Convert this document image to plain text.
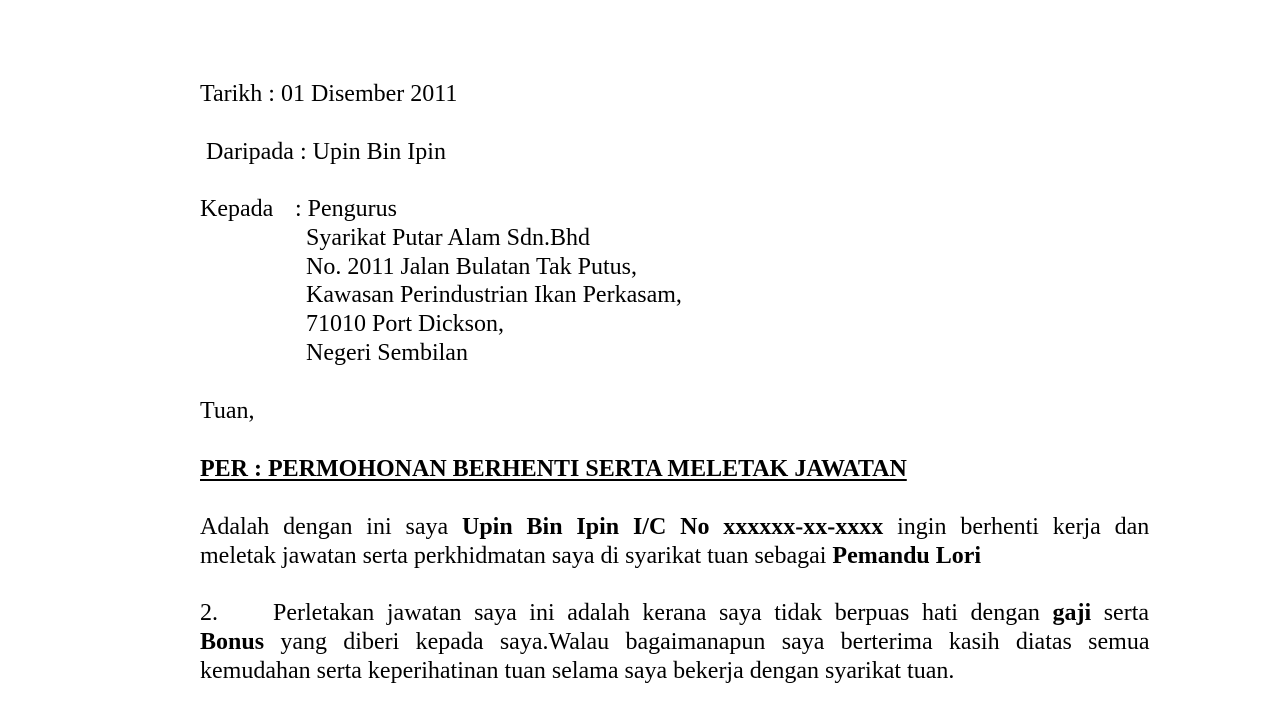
Tarikh : 01 Disember 2011
Daripada : Upin Bin Ipin
Kepada : Pengurus
Syarikat Putar Alam Sdn.Bhd
No. 2011 Jalan Bulatan Tak Putus,
Kawasan Perindustrian Ikan Perkasam,
71010 Port Dickson,
Negeri Sembilan
Tuan,
PER : PERMOHONAN BERHENTI SERTA MELETAK JAWATAN
Adalah dengan ini saya Upin Bin Ipin I/C No xxxxxx-xx-xxxx ingin berhenti kerja dan
meletak jawatan serta perkhidmatan saya di syarikat tuan sebagai Pemandu Lori
2. Perletakan jawatan saya ini adalah kerana saya tidak berpuas hati dengan gaji serta
Bonus yang diberi kepada saya.Walau bagaimanapun saya berterima kasih diatas semua
kemudahan serta keperihatinan tuan selama saya bekerja dengan syarikat tuan.
